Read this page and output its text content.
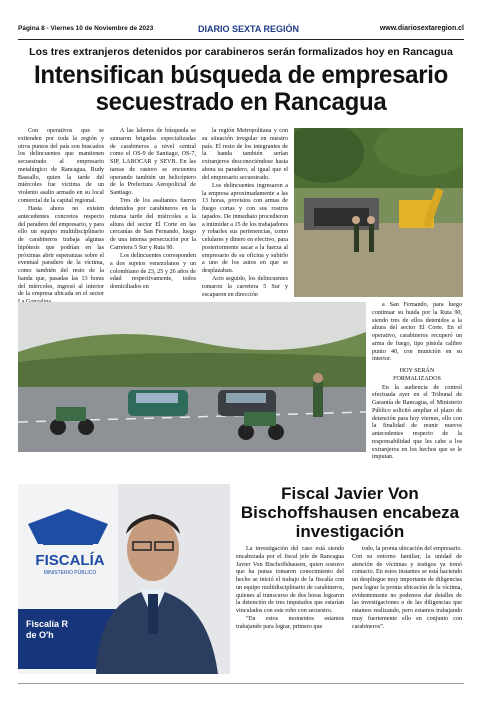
Página 8 - Viernes 10 de Noviembre de 2023	DIARIO SEXTA REGIÓN	www.diariosextaregion.cl
Los tres extranjeros detenidos por carabineros serán formalizados hoy en Rancagua
Intensifican búsqueda de empresario secuestrado en Rancagua

Con operativos que se extienden por toda la región y otros puntos del país son buscados los delincuentes que mantienen secuestrado al empresario metalúrgico de Rancagua, Rudy Bassallo, quien la tarde del miércoles fue víctima de un violento asalto armado en su local comercial de la capital regional.

Hasta ahora no existen antecedentes concretos respecto del paradero del empresario, y para ello un equipo multidisciplinario de carabineros trabaja algunas hipótesis que podrían en las próximas abrir esperanzas sobre el eventual paradero de la víctima, como también del resto de la banda que, pasadas las 13 horas del miércoles, ingresó al interior de la empresa ubicada en el sector

A las labores de búsqueda se sumaron brigadas especializadas de carabineros a nivel central como el OS-9 de Santiago, OS-7, SIP, LABOCAR y SEVB. En las tareas de rastreo se encuentra operando también un helicóptero de la Prefectura Aeropolicial de Santiago.

Tres de los asaltantes fueron detenidos por carabineros en la misma tarde del miércoles a la altura del sector El Corte en las cercanías de San Fernando, luego de una intensa persecución por la Carretera 5 Sur y Ruta 90.

Los delincuentes corresponden a dos sujetos venezolanos y un colombiano de 23, 25 y 26 años de edad respectivamente, todos domiciliados en

la región Metropolitana y con su situación irregular en nuestro país. El resto de los integrantes de la banda también serían extranjeros desconociéndose hasta ahora su paradero, al igual que el del empresario secuestrado.

Los delincuentes ingresaron a la empresa aproximadamente a las 13 horas, provistos con armas de fuego cortas y con sus rostros tapados. De inmediato procedieron a intimidar a 15 de los trabajadores y robarles sus pertenencias, como celulares y dinero en efectivo, para posteriormente sacar a la fuerza al empresario de su oficina y subirlo a uno de los autos en que se desplazaban.

Acto seguido, los delincuentes tomaron la carretera 5 Sur y escaparon en dirección

a San Fernando, para luego continuar su huida por la Ruta 90, siendo tres de ellos detenidos a la altura del sector El Corte. En el operativo, carabineros recuperó un arma de fuego, tipo pistola calibre punto 40, con munición en su interior.

HOY SERÁN
FORMALIZADOS

En la audiencia de control efectuada ayer en el Tribunal de Garantía de Rancagua, el Ministerio Público solicitó ampliar el plazo de detención para hoy viernes, ello con la finalidad de reunir nuevos antecedentes respecto de la responsabilidad que les cabe a los extranjeros en los hechos que se le imputan.

FISCALÍA
MINISTERIO PÚBLICO
Fiscalía R
de O'h
Fiscal Javier Von Bischoffshausen encabeza investigación

La investigación del caso está siendo encabezada por el fiscal jefe de Rancagua Javier Von Bischoffshausen, quien sostuvo que ha punas tomaron conocimiento del hecho se inició el trabajo de la fiscalía con un equipo multidisciplinario de carabineros, quienes al transcurso de dos horas lograron la detención de tres imputados que estarían vinculados con este robo con secuestro.

“En estos momentos estamos trabajando para lograr, primero que

todo, la pronta ubicación del empresario. Con su entorno familiar, la unidad de atención de víctimas y testigos ya tomó contacto. En estos instantes se está haciendo un despliegue muy importante de diligencias para lograr la pronta ubicación de la víctima, evidentemente no podemos dar detalles de las investigaciones o de las diligencias que estamos realizando, pero estamos trabajando muy fuertemente ello en conjunto con carabineros”.
